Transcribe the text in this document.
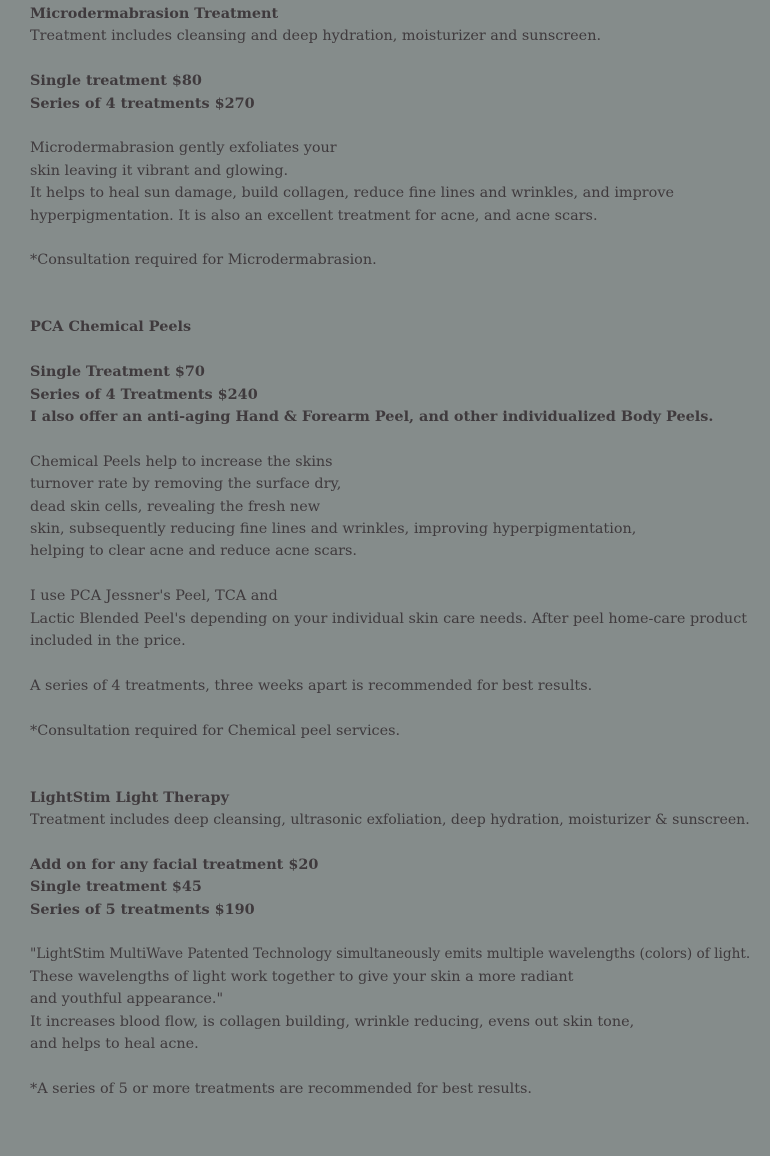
Microdermabrasion Treatment
Treatment includes cleansing and deep hydration, moisturizer and sunscreen.
Single treatment $80
Series of 4 treatments $270
Microdermabrasion gently exfoliates your
skin leaving it vibrant and glowing.
It helps to heal sun damage, build collagen, reduce fine lines and wrinkles, and improve
hyperpigmentation. It is also an excellent treatment for acne, and acne scars.
*Consultation required for Microdermabrasion.
PCA Chemical Peels
Single Treatment $70
Series of 4 Treatments $240
I also offer an anti-aging Hand & Forearm Peel, and other individualized Body Peels.
Chemical Peels help to increase the skins
turnover rate by removing the surface dry,
dead skin cells, revealing the fresh new
skin, subsequently reducing fine lines and wrinkles, improving hyperpigmentation,
helping to clear acne and reduce acne scars.
I use PCA Jessner's Peel, TCA and
Lactic Blended Peel's depending on your individual skin care needs. After peel home-care product included in the price.
A series of 4 treatments, three weeks apart is recommended for best results.
*Consultation required for Chemical peel services.
LightStim Light Therapy
Treatment includes deep cleansing, ultrasonic exfoliation, deep hydration, moisturizer & sunscreen.
Add on for any facial treatment $20
Single treatment $45
Series of 5 treatments $190
"LightStim MultiWave Patented Technology simultaneously emits multiple wavelengths (colors) of light.
These wavelengths of light work together to give your skin a more radiant
and youthful appearance."
It increases blood flow, is collagen building, wrinkle reducing, evens out skin tone,
and helps to heal acne.
*A series of 5 or more treatments are recommended for best results.
